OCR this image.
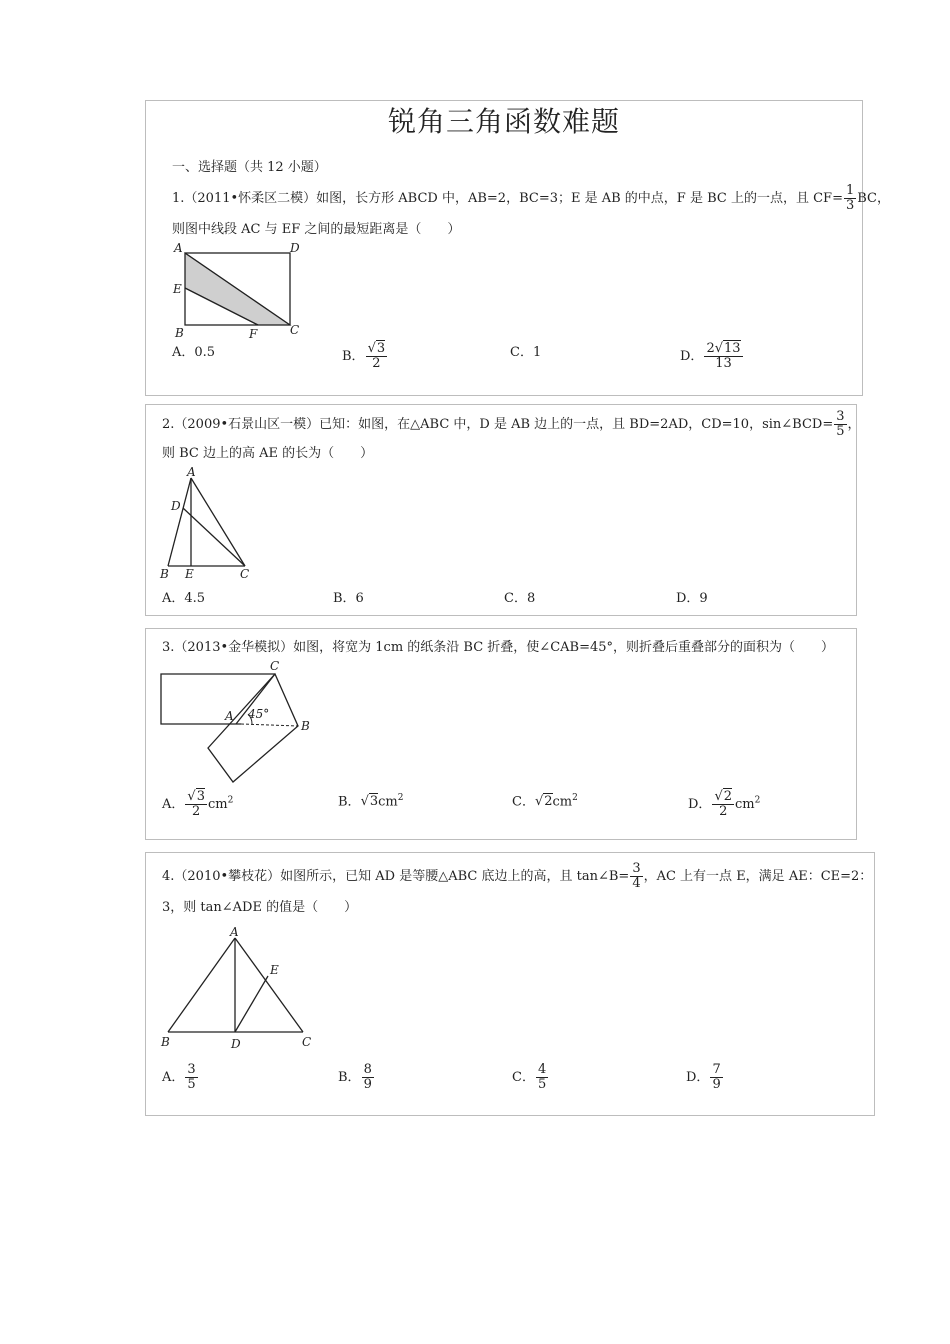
锐角三角函数难题
一、选择题（共 12 小题）
1.（2011•怀柔区二模）如图，长方形 ABCD 中，AB=2，BC=3；E 是 AB 的中点，F 是 BC 上的一点，且 $CF= \frac{1}{3}$ BC，
则图中线段 AC 与 EF 之间的最短距离是（　　）
A	D
E
B	F	C
A．0.5	B． √ $\frac{3}{2}$	C．1	D． $\frac{2 √ 13}{13}$
2.（2009•石景山区一模）已知：如图，在△ABC 中，D 是 AB 边上的一点，且 BD=2AD，CD=10，sin∠BCD= $\frac{3}{5}$ ，
则 BC 边上的高 AE 的长为（　　）
A
D
B E	C
A．4.5	B．6	C．8	D．9
3.（2013•金华模拟）如图，将宽为 1cm 的纸条沿 BC 折叠，使∠CAB=45°，则折叠后重叠部分的面积为（　　）
C
A 45°
B
A． √ $\frac{3}{2} cm^2$	B． √ $3cm^2$	C． √ $2cm^2$	D． √ $\frac{2}{2} cm^2$
4.（2010•攀枝花）如图所示，已知 AD 是等腰△ABC 底边上的高，且 tan∠B= $\frac{3}{4}$ ，AC 上有一点 E，满足 AE：CE=2：
3，则 tan∠ADE 的值是（　　）
A
E
B	D	C
A． $\frac{3}{5}$	B． $\frac{8}{9}$	C． $\frac{4}{5}$	D． $\frac{7}{9}$
